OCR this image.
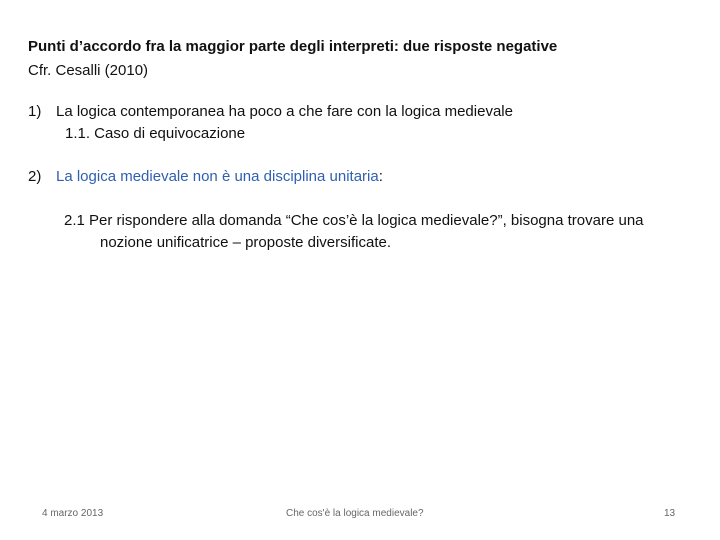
Punti d’accordo fra la maggior parte degli interpreti: due risposte negative
Cfr. Cesalli (2010)
1) La logica contemporanea ha poco a che fare con la logica medievale
1.1. Caso di equivocazione
2) La logica medievale non è una disciplina unitaria:
2.1 Per rispondere alla domanda “Che cos’è la logica medievale?”, bisogna trovare una
nozione unificatrice – proposte diversificate.
4 marzo 2013	Che cos'è la logica medievale?	13
